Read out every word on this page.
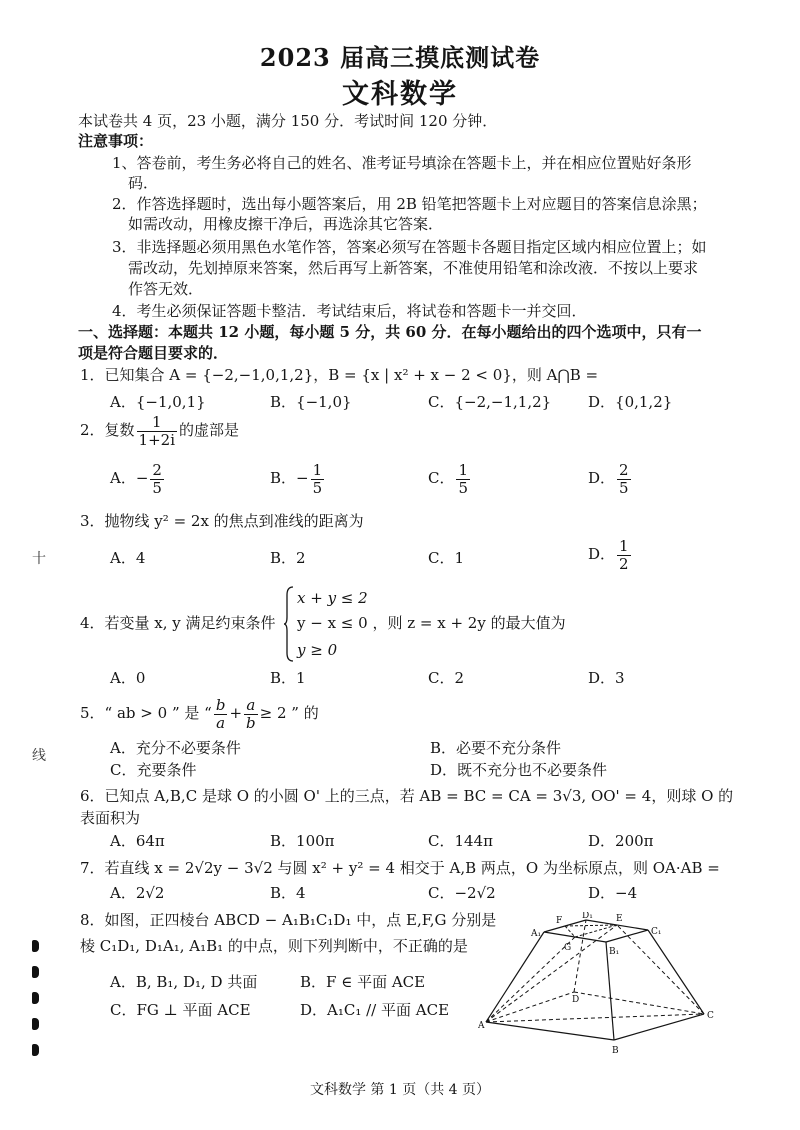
2023 届高三摸底测试卷
文科数学
本试卷共 4 页，23 小题，满分 150 分．考试时间 120 分钟．
注意事项：
1、答卷前，考生务必将自己的姓名、准考证号填涂在答题卡上，并在相应位置贴好条形
码．
2．作答选择题时，选出每小题答案后，用 2B 铅笔把答题卡上对应题目的答案信息涂黑；
如需改动，用橡皮擦干净后，再选涂其它答案．
3．非选择题必须用黑色水笔作答，答案必须写在答题卡各题目指定区域内相应位置上；如
需改动，先划掉原来答案，然后再写上新答案，不准使用铅笔和涂改液．不按以上要求
作答无效．
4．考生必须保证答题卡整洁．考试结束后，将试卷和答题卡一并交回．
一、选择题：本题共 12 小题，每小题 5 分，共 60 分．在每小题给出的四个选项中，只有一
项是符合题目要求的．
1．已知集合 A = {−2,−1,0,1,2}，B = {x | x² + x − 2 < 0}，则 A⋂B =
A．{−1,0,1}	B．{−1,0}	C．{−2,−1,1,2} D．{0,1,2}
2．复数 $\frac{1}{1+2i}$ 的虚部是
A．− $\frac{2}{5}$	B．− $\frac{1}{5}$	C． $\frac{1}{5}$	D． $\frac{2}{5}$
3．抛物线 y² = 2x 的焦点到准线的距离为
A．4	B．2	C．1	D． $\frac{1}{2}$
4．若变量 x, y 满足约束条件
x + y ≤ 2
y − x ≤ 0 ，则 z = x + 2y 的最大值为
y ≥ 0
A．0	B．1	C．2	D．3
5．“ ab > 0 ” 是 “ $\frac{b}{a} + \frac{a}{b} \ge 2$ ” 的
A．充分不必要条件	B．必要不充分条件
C．充要条件	D．既不充分也不必要条件
6．已知点 A,B,C 是球 O 的小圆 O' 上的三点，若 AB = BC = CA = 3√3, OO' = 4，则球 O 的
表面积为
A．64π	B．100π	C．144π	D．200π
7．若直线 x = 2√2y − 3√2 与圆 x² + y² = 4 相交于 A,B 两点，O 为坐标原点，则 OA·AB =
A．2√2	B．4	C．−2√2	D．−4
8．如图，正四棱台 ABCD − A₁B₁C₁D₁ 中，点 E,F,G 分别是
棱 C₁D₁, D₁A₁, A₁B₁ 的中点，则下列判断中，不正确的是
A．B, B₁, D₁, D 共面	B．F ∈ 平面 ACE
C．FG ⊥ 平面 ACE	D．A₁C₁ // 平面 ACE
A₁
F D₁	E
C₁
G	B₁
D
A
C
B
十
线
文科数学 第 1 页（共 4 页）
